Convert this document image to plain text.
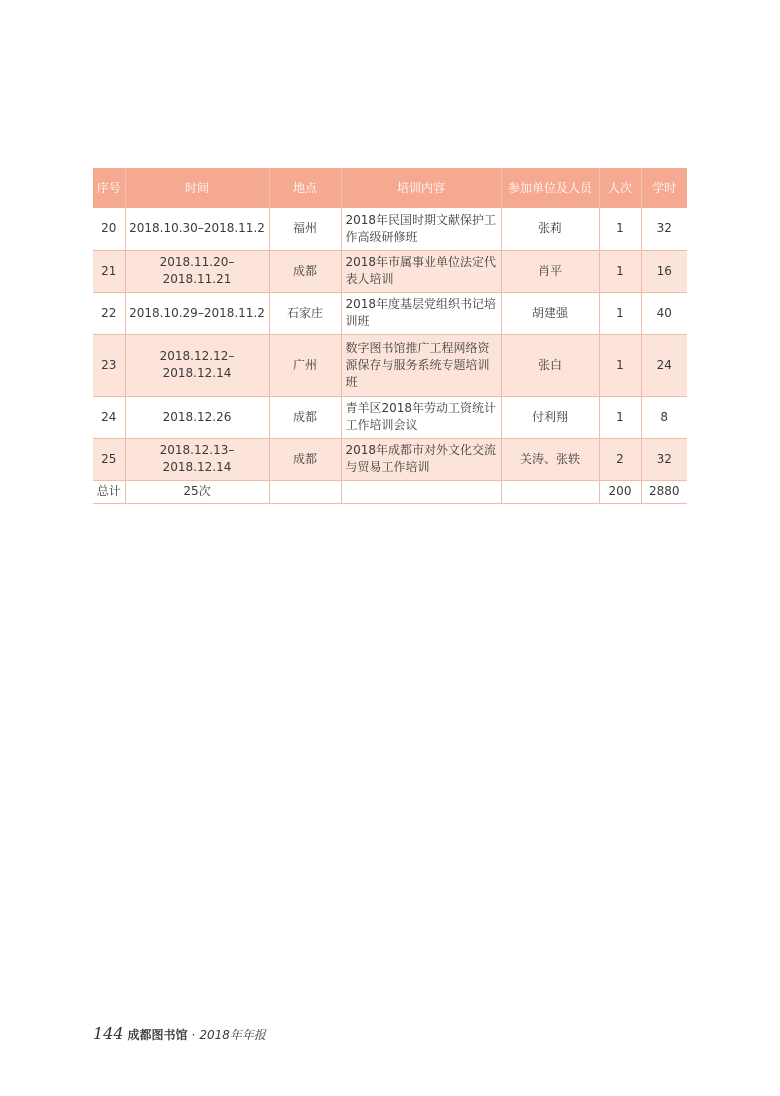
序号	时间	地点	培训内容	参加单位及人员	人次	学时
20	2018.10.30–2018.11.2	福州	2018年民国时期文献保护工作高级研修班	张莉	1	32
21	2018.11.20–2018.11.21	成都	2018年市属事业单位法定代表人培训	肖平	1	16
22	2018.10.29–2018.11.2	石家庄	2018年度基层党组织书记培训班	胡建强	1	40
23	2018.12.12–2018.12.14	广州	数字图书馆推广工程网络资源保存与服务系统专题培训班	张白	1	24
24	2018.12.26	成都	青羊区2018年劳动工资统计工作培训会议	付利翔	1	8
25	2018.12.13–2018.12.14	成都	2018年成都市对外文化交流与贸易工作培训	关涛、张轶	2	32
总计	25次				200	2880
144 成都图书馆 · 2018年年报
